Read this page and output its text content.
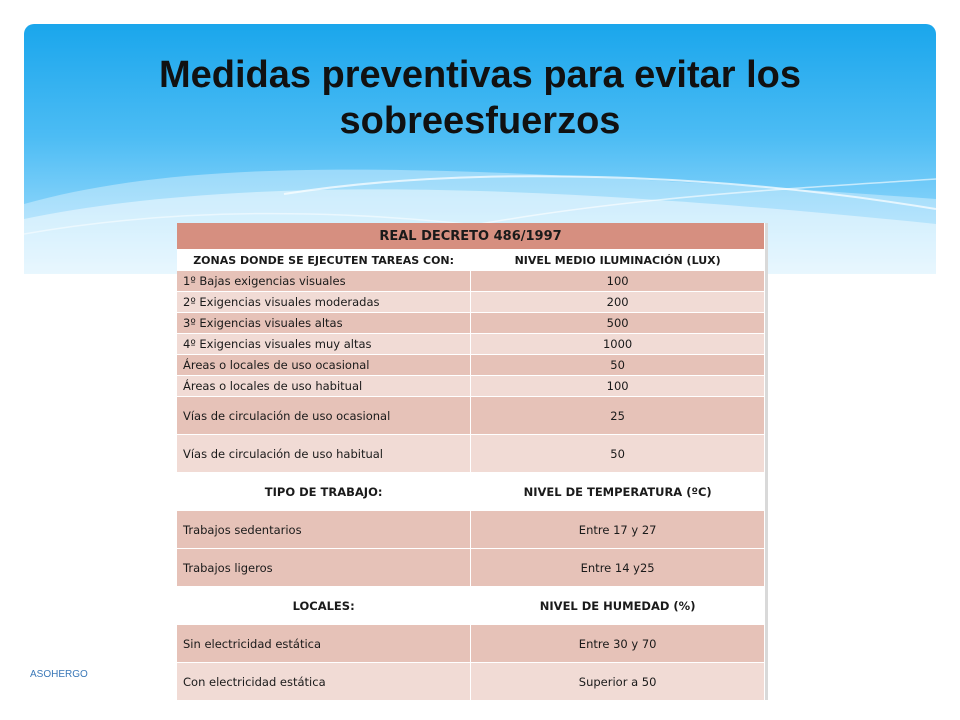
Medidas preventivas para evitar los sobreesfuerzos
REAL DECRETO 486/1997	
ZONAS DONDE SE EJECUTEN TAREAS CON:	NIVEL MEDIO ILUMINACIÓN (LUX)
1º Bajas exigencias visuales	100
2º Exigencias visuales moderadas	200
3º Exigencias visuales altas	500
4º Exigencias visuales muy altas	1000
Áreas o locales de uso ocasional	50
Áreas o locales de uso habitual	100
Vías de circulación de uso ocasional	25
Vías de circulación de uso habitual	50
TIPO DE TRABAJO:	NIVEL DE TEMPERATURA (ºC)
Trabajos sedentarios	Entre 17 y 27
Trabajos ligeros	Entre 14 y25
LOCALES:	NIVEL DE HUMEDAD (%)
Sin electricidad estática	Entre 30 y 70
Con electricidad estática	Superior a 50
ASOHERGO
